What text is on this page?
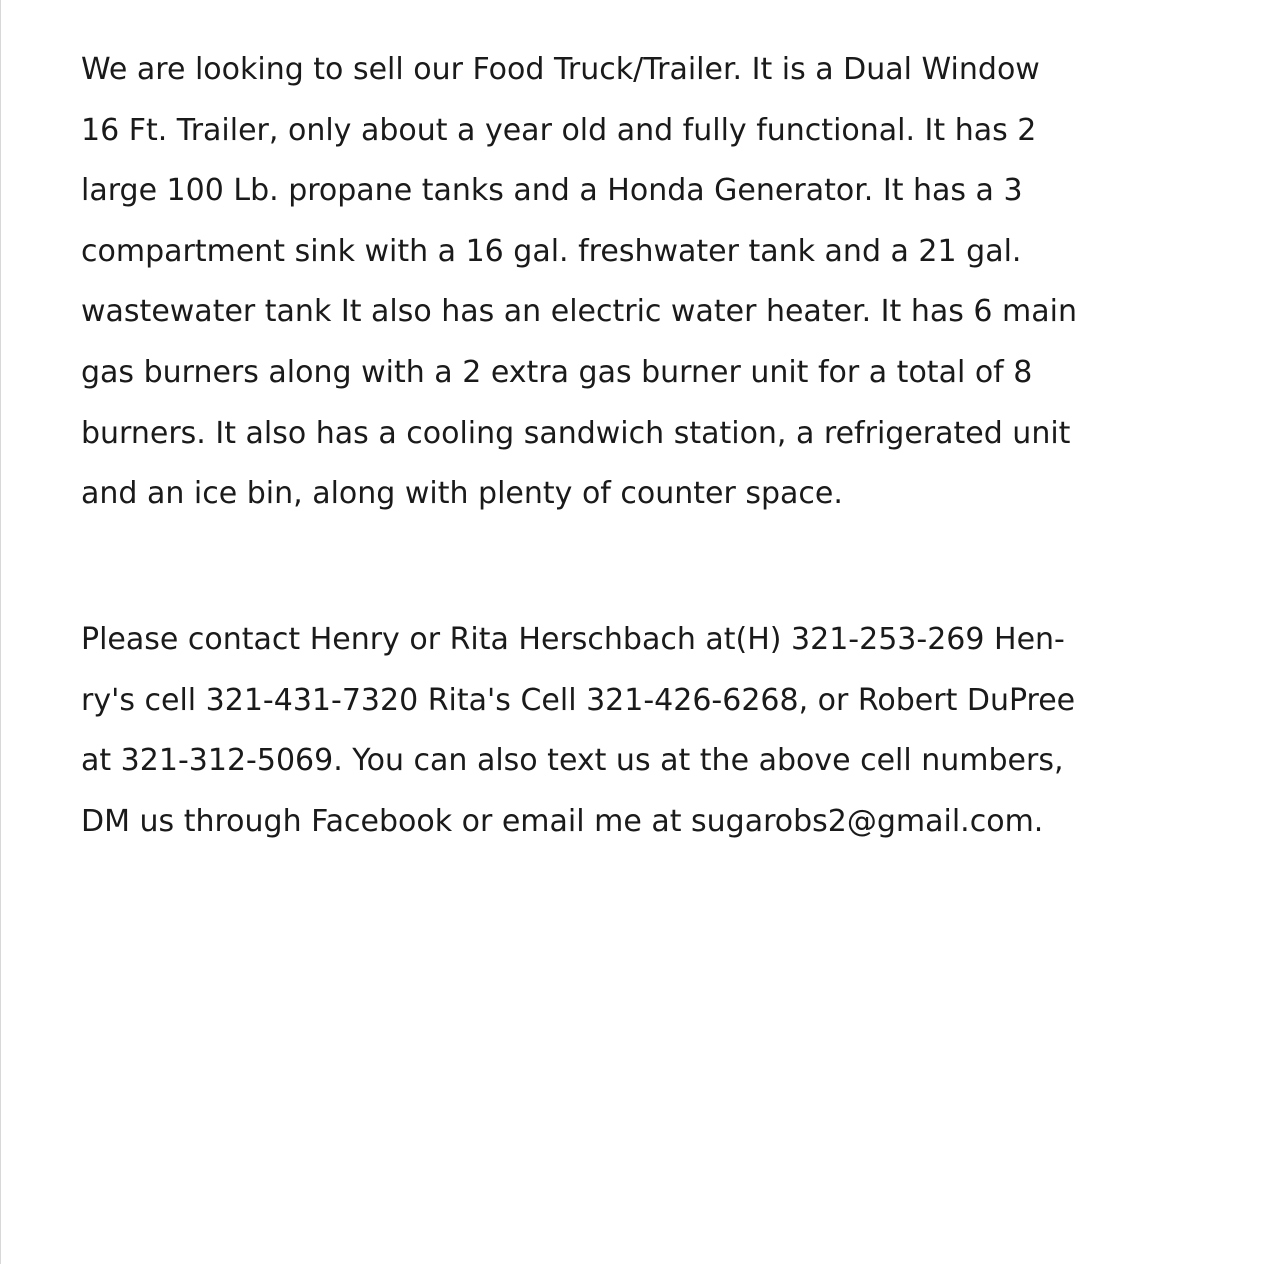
We are looking to sell our Food Truck/Trailer. It is a Dual Window
16 Ft. Trailer, only about a year old and fully functional. It has 2
large 100 Lb. propane tanks and a Honda Generator. It has a 3
compartment sink with a 16 gal. freshwater tank and a 21 gal.
wastewater tank It also has an electric water heater. It has 6 main
gas burners along with a 2 extra gas burner unit for a total of 8
burners. It also has a cooling sandwich station, a refrigerated unit
and an ice bin, along with plenty of counter space.
Please contact Henry or Rita Herschbach at(H) 321-253-269 Hen-
ry's cell 321-431-7320 Rita's Cell 321-426-6268, or Robert DuPree
at 321-312-5069. You can also text us at the above cell numbers,
DM us through Facebook or email me at sugarobs2@gmail.com.
